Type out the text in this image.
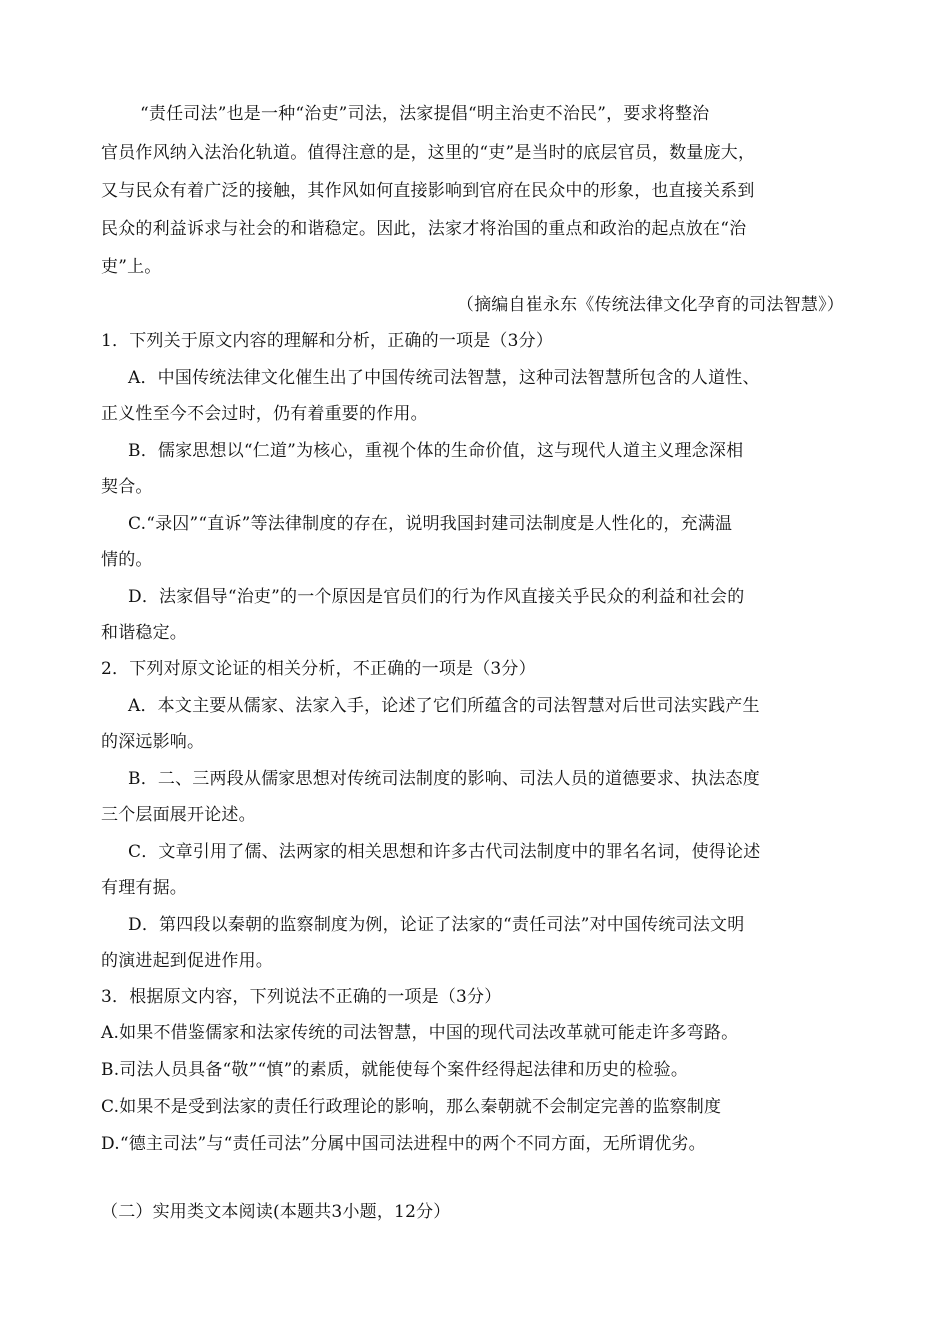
“责任司法”也是一种“治吏”司法，法家提倡“明主治吏不治民”，要求将整治
官员作风纳入法治化轨道。值得注意的是，这里的“吏”是当时的底层官员，数量庞大，
又与民众有着广泛的接触，其作风如何直接影响到官府在民众中的形象，也直接关系到
民众的利益诉求与社会的和谐稳定。因此，法家才将治国的重点和政治的起点放在“治
吏”上。
（摘编自崔永东《传统法律文化孕育的司法智慧》）
1．下列关于原文内容的理解和分析，正确的一项是（3分）
A．中国传统法律文化催生出了中国传统司法智慧，这种司法智慧所包含的人道性、
正义性至今不会过时，仍有着重要的作用。
B．儒家思想以“仁道”为核心，重视个体的生命价值，这与现代人道主义理念深相
契合。
C.“录囚”“直诉”等法律制度的存在，说明我国封建司法制度是人性化的，充满温
情的。
D．法家倡导“治吏”的一个原因是官员们的行为作风直接关乎民众的利益和社会的
和谐稳定。
2．下列对原文论证的相关分析，不正确的一项是（3分）
A．本文主要从儒家、法家入手，论述了它们所蕴含的司法智慧对后世司法实践产生
的深远影响。
B．二、三两段从儒家思想对传统司法制度的影响、司法人员的道德要求、执法态度
三个层面展开论述。
C．文章引用了儒、法两家的相关思想和许多古代司法制度中的罪名名词，使得论述
有理有据。
D．第四段以秦朝的监察制度为例，论证了法家的“责任司法”对中国传统司法文明
的演进起到促进作用。
3．根据原文内容，下列说法不正确的一项是（3分）
A.如果不借鉴儒家和法家传统的司法智慧，中国的现代司法改革就可能走许多弯路。
B.司法人员具备“敬”“慎”的素质，就能使每个案件经得起法律和历史的检验。
C.如果不是受到法家的责任行政理论的影响，那么秦朝就不会制定完善的监察制度
D.“德主司法”与“责任司法”分属中国司法进程中的两个不同方面，无所谓优劣。
（二）实用类文本阅读(本题共3小题，12分）
